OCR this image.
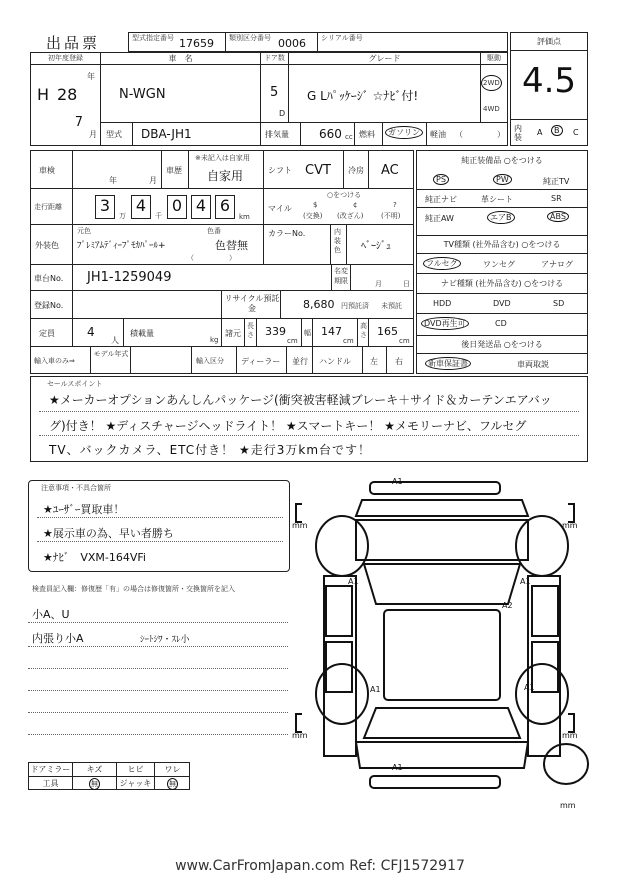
出品票	型式指定番号 17659 類別区分番号 0006 シリアル番号	評価点
4.5
内装
A	B	C
初年度登録
H 28
年
7
月
車　名
N-WGN
ドア数
5
D
グレード
G Lﾊﾟｯｹｰｼﾞ ☆ﾅﾋﾞ付!
駆動
2WD
4WD
型式 DBA-JH1	排気量	660 cc 燃料	ガソリン	軽油 （	）
車検
年	月
車歴
※未記入は自家用
自家用	シフト CVT 冷房 AC
走行距離	3
万
4
千
0 4 6
km
マイル
○をつける
$
(交換)
¢
(改ざん)
?
(不明)
外装色
元色
ﾌﾟﾚﾐｱﾑﾃﾞｨｰﾌﾟﾓｶﾊﾟｰﾙ+
色番
色替無
（　　　　　）
カラーNo.	内装色 ﾍﾞｰｼﾞｭ
車台No. JH1-1259049	名変期限	月	日
登録No.
リサイクル預託金	8,680 円預託済 未預託
定員	4
人
積載量
kg
諸元
長さ 339
cm
幅 147
cm
高さ 165
cm
輸入車のみ⇒
モデル年式
輸入区分 ディーラー 並行 ハンドル 左 右
純正装備品 ○をつける
PS	PW	純正TV
純正ナビ	革シート	SR
純正AW	エアB	ABS
TV種類 (社外品含む) ○をつける
フルセグ	ワンセグ	アナログ
ナビ種類 (社外品含む) ○をつける
HDD	DVD	SD
DVD再生可	CD
後日発送品 ○をつける
新車保証書	車両取説
セールスポイント
★メーカーオプションあんしんパッケージ(衝突被害軽減ブレーキ＋サイド＆カーテンエアバッ
グ)付き！ ★ディスチャージヘッドライト！ ★スマートキー！ ★メモリーナビ、フルセグ
TV、バックカメラ、ETC付き！ ★走行3万km台です！
注意事項・不具合箇所
★ﾕｰｻﾞｰ買取車！
★展示車の為、早い者勝ち
★ﾅﾋﾞ　VXM-164VFi
検査員記入欄：修復歴「有」の場合は修復箇所・交換箇所を記入
小A、U
内張り小A	ｼｰﾄｼﾜ・ｽﾚ小
ドアミラー	キズ	ヒビ	ワレ
工具	無	ジャッキ	無
A1
A1	A1
A2
A1	A1
A1
mm	mm
mm	mm
mm
www.CarFromJapan.com Ref: CFJ1572917
